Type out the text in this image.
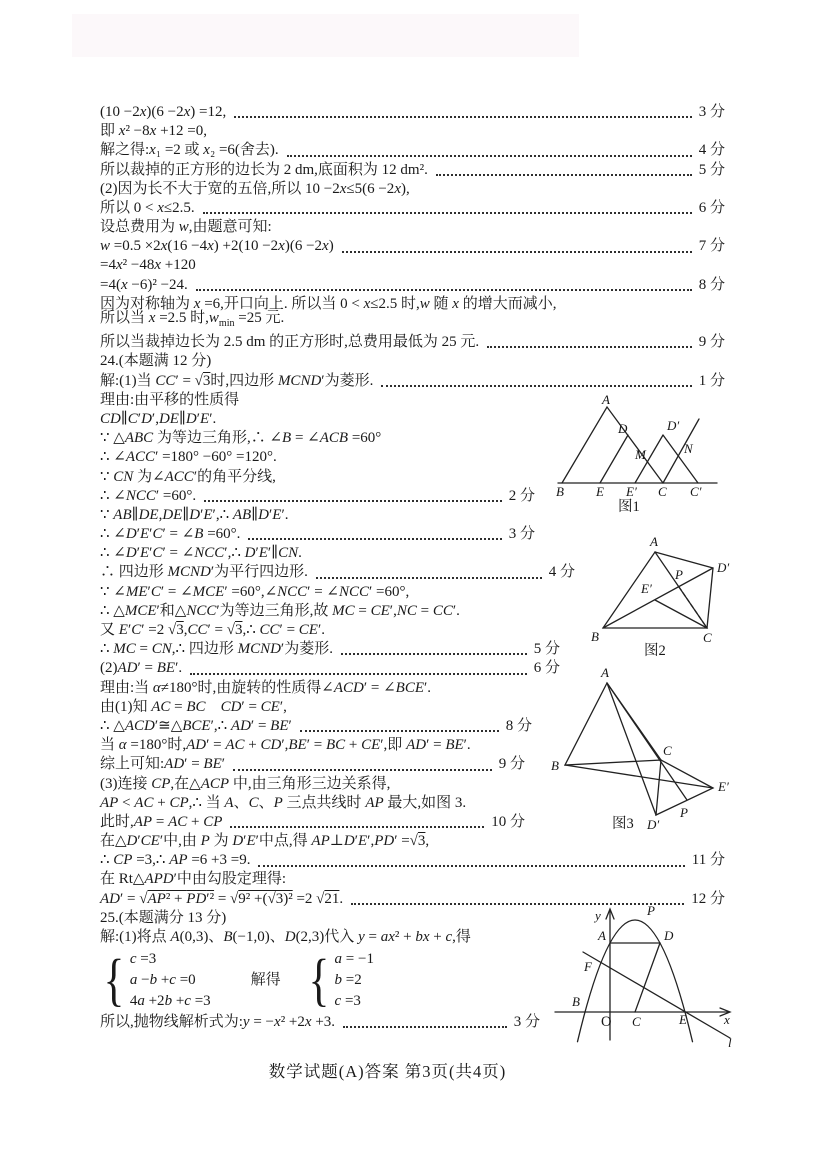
(10 −2x)(6 −2x) =12,	3 分
即 x² −8x +12 =0,
解之得:x₁ =2 或 x₂ =6(舍去).	4 分
所以裁掉的正方形的边长为 2 dm,底面积为 12 dm².	5 分
(2)因为长不大于宽的五倍,所以 10 −2x≤5(6 −2x),
所以 0 < x≤2.5.	6 分
设总费用为 w,由题意可知:
w =0.5 ×2x(16 −4x) +2(10 −2x)(6 −2x)	7 分
=4x² −48x +120
=4(x −6)² −24.	8 分
因为对称轴为 x =6,开口向上. 所以当 0 < x≤2.5 时,w 随 x 的增大而减小,
所以当 x =2.5 时$,w_{min} =25$ 元.
所以当裁掉边长为 2.5 dm 的正方形时,总费用最低为 25 元.	9 分
24.(本题满 12 分)
解:(1)当 CC′ = √3时,四边形 MCND′为菱形.	1 分
理由:由平移的性质得
CD∥C′D′,DE∥D′E′.
∵ △ABC 为等边三角形,∴ ∠B = ∠ACB =60°
∴ ∠ACC′ =180° −60° =120°.
∵ CN 为∠ACC′的角平分线,
∴ ∠NCC′ =60°.	2 分
∵ AB∥DE,DE∥D′E′,∴ AB∥D′E′.
∴ ∠D′E′C′ = ∠B =60°.	3 分
∴ ∠D′E′C′ = ∠NCC′,∴ D′E′∥CN.
∴ 四边形 MCND′为平行四边形.	4 分
∵ ∠ME′C′ = ∠MCE′ =60°,∠NCC′ = ∠NCC′ =60°,
∴ △MCE′和△NCC′为等边三角形,故 MC = CE′,NC = CC′.
又 E′C′ =2 √3,CC′ = √3,∴ CC′ = CE′.
∴ MC = CN,∴ 四边形 MCND′为菱形.	5 分
(2)AD′ = BE′.	6 分
理由:当 α≠180°时,由旋转的性质得∠ACD′ = ∠BCE′.
由(1)知 AC = BC  CD′ = CE′,
∴ △ACD′≅△BCE′,∴ AD′ = BE′	8 分
当 α =180°时,AD′ = AC + CD′,BE′ = BC + CE′,即 AD′ = BE′.
综上可知:AD′ = BE′	9 分
(3)连接 CP,在△ACP 中,由三角形三边关系得,
AP < AC + CP,∴ 当 A、C、P 三点共线时 AP 最大,如图 3.
此时,AP = AC + CP	10 分
在△D′CE′中,由 P 为 D′E′中点,得 AP⊥D′E′,PD′ =√3,
∴ CP =3,∴ AP =6 +3 =9.	11 分
在 Rt△APD′中由勾股定理得:
AD′ = √AP² + PD′² = √9² +(√3)² =2 √21.	12 分
25.(本题满分 13 分)
解:(1)将点 A(0,3)、B(−1,0)、D(2,3)代入 y = ax² + bx + c,得
{ c =3
a −b +c =0
4a +2b +c =3
解得 { a = −1
b =2
c =3
所以,抛物线解析式为:y = −x² +2x +3.	3 分
A
B E E′ C C′
D	D′
M	N
图1
A
B	C
D′
E′
P
图2
A
B
C
E′
D′
P
图3
y
x
O C	E
B
F
A	D
P
l
数学试题(A)答案 第3页(共4页)
